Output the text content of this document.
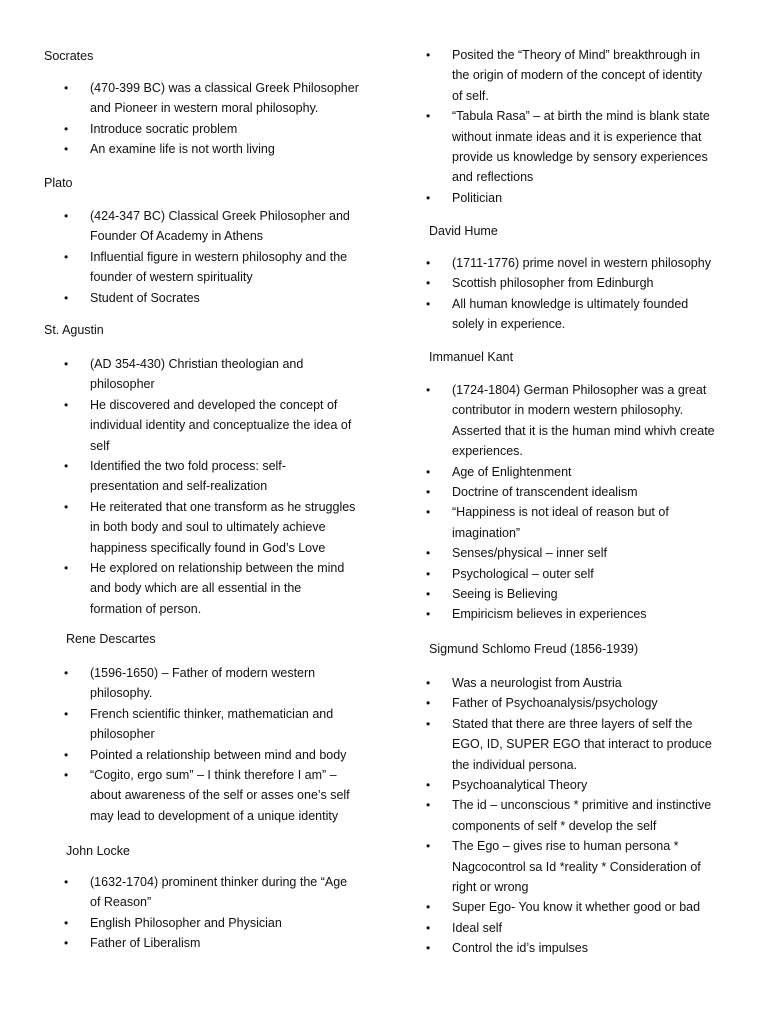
Socrates
• (470-399 BC) was a classical Greek Philosopher
and Pioneer in western moral philosophy.
• Introduce socratic problem
• An examine life is not worth living
Plato
• (424-347 BC) Classical Greek Philosopher and
Founder Of Academy in Athens
• Influential figure in western philosophy and the
founder of western spirituality
• Student of Socrates
St. Agustin
• (AD 354-430) Christian theologian and
philosopher
• He discovered and developed the concept of
individual identity and conceptualize the idea of
self
• Identified the two fold process: self-
presentation and self-realization
• He reiterated that one transform as he struggles
in both body and soul to ultimately achieve
happiness specifically found in God’s Love
• He explored on relationship between the mind
and body which are all essential in the
formation of person.
Rene Descartes
• (1596-1650) – Father of modern western
philosophy.
• French scientific thinker, mathematician and
philosopher
• Pointed a relationship between mind and body
• “Cogito, ergo sum” – I think therefore I am” –
about awareness of the self or asses one’s self
may lead to development of a unique identity
John Locke
• (1632-1704) prominent thinker during the “Age
of Reason”
• English Philosopher and Physician
• Father of Liberalism
• Posited the “Theory of Mind” breakthrough in
the origin of modern of the concept of identity
of self.
• “Tabula Rasa” – at birth the mind is blank state
without inmate ideas and it is experience that
provide us knowledge by sensory experiences
and reflections
• Politician
David Hume
• (1711-1776) prime novel in western philosophy
• Scottish philosopher from Edinburgh
• All human knowledge is ultimately founded
solely in experience.
Immanuel Kant
• (1724-1804) German Philosopher was a great
contributor in modern western philosophy.
Asserted that it is the human mind whivh create
experiences.
• Age of Enlightenment
• Doctrine of transcendent idealism
• “Happiness is not ideal of reason but of
imagination”
• Senses/physical – inner self
• Psychological – outer self
• Seeing is Believing
• Empiricism believes in experiences
Sigmund Schlomo Freud (1856-1939)
• Was a neurologist from Austria
• Father of Psychoanalysis/psychology
• Stated that there are three layers of self the
EGO, ID, SUPER EGO that interact to produce
the individual persona.
• Psychoanalytical Theory
• The id – unconscious * primitive and instinctive
components of self * develop the self
• The Ego – gives rise to human persona *
Nagcocontrol sa Id *reality * Consideration of
right or wrong
• Super Ego- You know it whether good or bad
• Ideal self
• Control the id’s impulses
